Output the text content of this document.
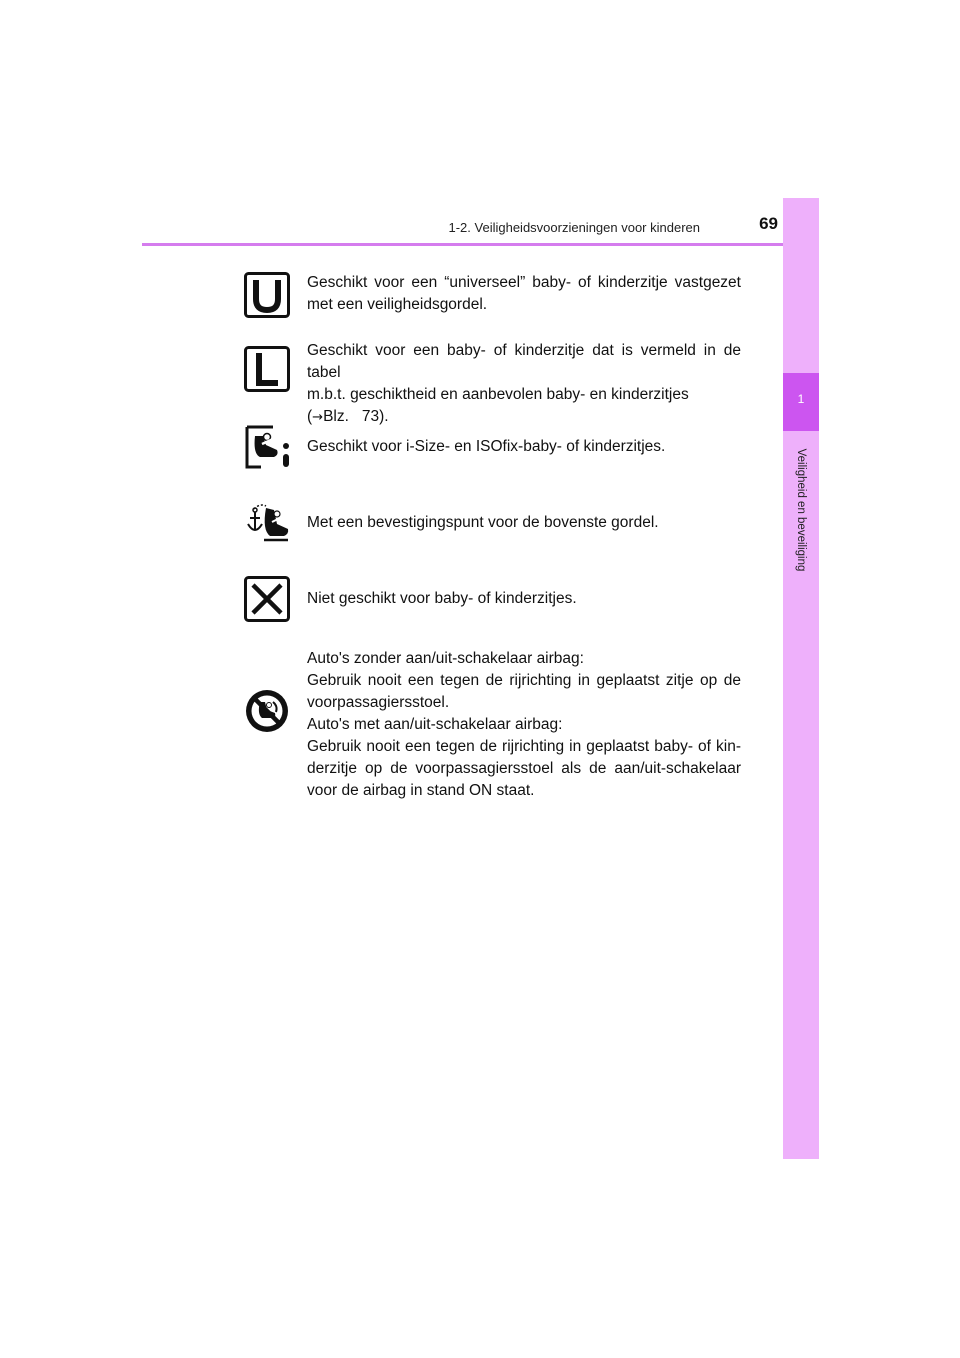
1-2. Veiligheidsvoorzieningen voor kinderen	69
1
Veiligheid en beveiliging
Geschikt voor een “universeel” baby- of kinderzitje vastgezet met een veiligheidsgordel.
Geschikt voor een baby- of kinderzitje dat is vermeld in de tabel
m.b.t. geschiktheid en aanbevolen baby- en kinderzitjes
(→Blz. 73).
Geschikt voor i-Size- en ISOfix-baby- of kinderzitjes.
Met een bevestigingspunt voor de bovenste gordel.
Niet geschikt voor baby- of kinderzitjes.
Auto's zonder aan/uit-schakelaar airbag:
Gebruik nooit een tegen de rijrichting in geplaatst zitje op de voorpassagiersstoel.
Auto's met aan/uit-schakelaar airbag:
Gebruik nooit een tegen de rijrichting in geplaatst baby- of kin-derzitje op de voorpassagiersstoel als de aan/uit-schakelaar voor de airbag in stand ON staat.
